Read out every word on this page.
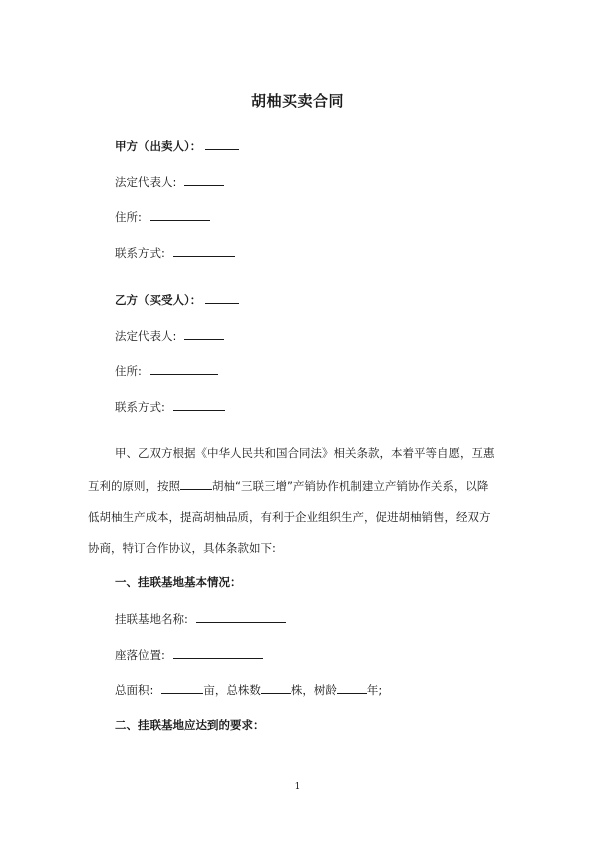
胡柚买卖合同
甲方（出卖人）：
法定代表人:
住所:
联系方式:
乙方（买受人）：
法定代表人:
住所:
联系方式:
甲、乙双方根据《中华人民共和国合同法》相关条款，本着平等自愿，互惠
互利的原则，按照	胡柚“三联三增”产销协作机制建立产销协作关系，以降
低胡柚生产成本，提高胡柚品质，有利于企业组织生产，促进胡柚销售，经双方
协商，特订合作协议，具体条款如下:
一、挂联基地基本情况：
挂联基地名称:
座落位置:
总面积:	亩，总株数	株，树龄	年;
二、挂联基地应达到的要求：
1
